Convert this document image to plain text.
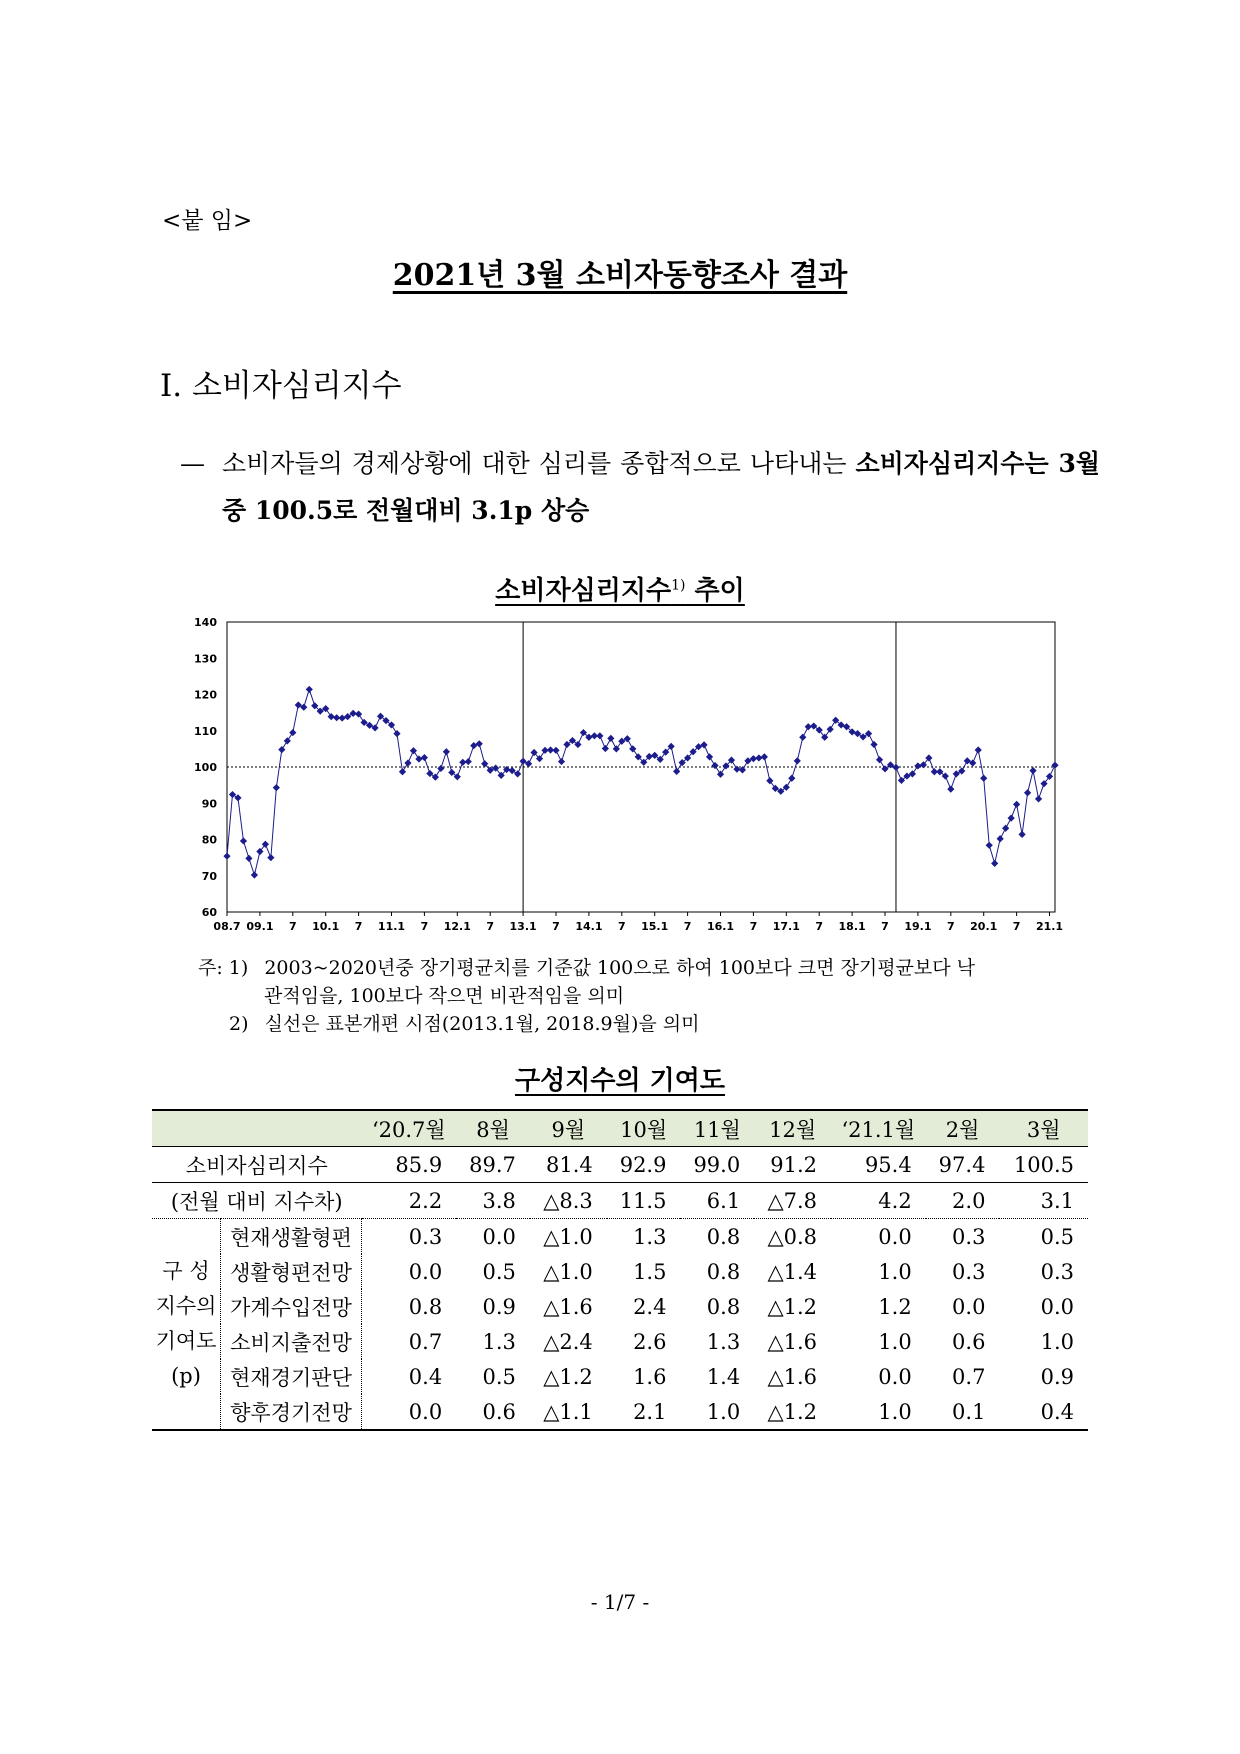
<붙 임>
2021년 3월 소비자동향조사 결과
Ⅰ. 소비자심리지수
— 소비자들의 경제상황에 대한 심리를 종합적으로 나타내는 소비자심리지수는 3월중 100.5로 전월대비 3.1p 상승
소비자심리지수$^{1)}$ 추이
60
70
80
90
100
110
120
130
140
08.7 09.1 7 10.1 7 11.1 7 12.1 7 13.1 7 14.1 7 15.1 7 16.1 7 17.1 7 18.1 7 19.1 7 20.1 7 21.1
주: 1) 2003~2020년중 장기평균치를 기준값 100으로 하여 100보다 크면 장기평균보다 낙
관적임을, 100보다 작으면 비관적임을 의미
2) 실선은 표본개편 시점(2013.1월, 2018.9월)을 의미
구성지수의 기여도
		‘20.7월	8월	9월	10월	11월	12월	‘21.1월	2월	3월
소비자심리지수		85.9	89.7	81.4	92.9	99.0	91.2	95.4	97.4	100.5
(전월 대비 지수차)		2.2	3.8	△8.3	11.5	6.1	△7.8	4.2	2.0	3.1
구 성
지수의
기여도
(p)	현재생활형편	0.3	0.0	△1.0	1.3	0.8	△0.8	0.0	0.3	0.5
	생활형편전망	0.0	0.5	△1.0	1.5	0.8	△1.4	1.0	0.3	0.3
	가계수입전망	0.8	0.9	△1.6	2.4	0.8	△1.2	1.2	0.0	0.0
	소비지출전망	0.7	1.3	△2.4	2.6	1.3	△1.6	1.0	0.6	1.0
	현재경기판단	0.4	0.5	△1.2	1.6	1.4	△1.6	0.0	0.7	0.9
	향후경기전망	0.0	0.6	△1.1	2.1	1.0	△1.2	1.0	0.1	0.4
- 1/7 -
